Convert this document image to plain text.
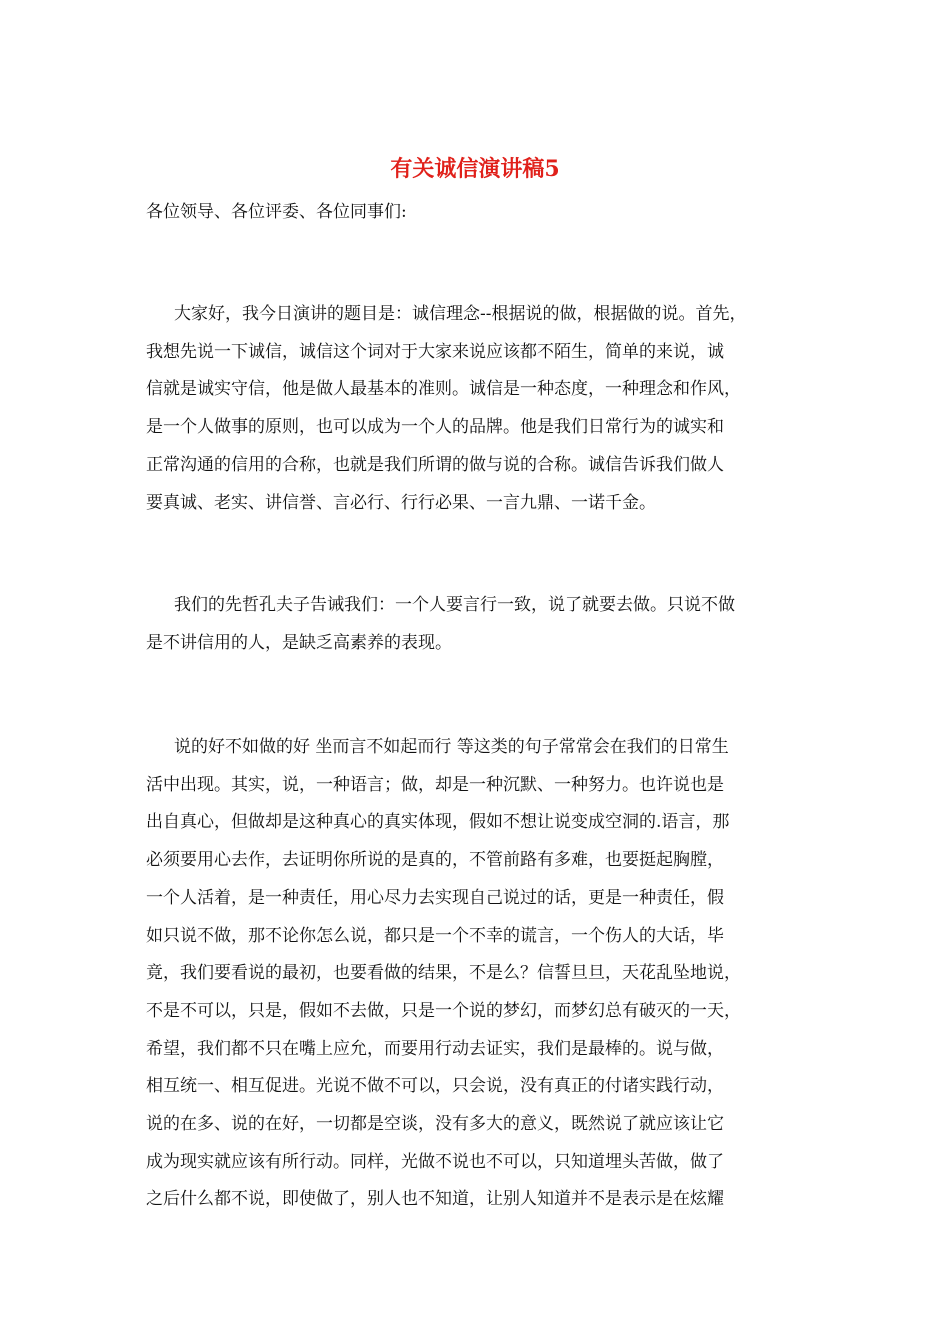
有关诚信演讲稿5

各位领导、各位评委、各位同事们:

大家好，我今日演讲的题目是：诚信理念--根据说的做，根据做的说。首先，
我想先说一下诚信，诚信这个词对于大家来说应该都不陌生，简单的来说，诚
信就是诚实守信，他是做人最基本的准则。诚信是一种态度，一种理念和作风，
是一个人做事的原则，也可以成为一个人的品牌。他是我们日常行为的诚实和
正常沟通的信用的合称，也就是我们所谓的做与说的合称。诚信告诉我们做人
要真诚、老实、讲信誉、言必行、行行必果、一言九鼎、一诺千金。

我们的先哲孔夫子告诫我们：一个人要言行一致，说了就要去做。只说不做
是不讲信用的人，是缺乏高素养的表现。

说的好不如做的好 坐而言不如起而行 等这类的句子常常会在我们的日常生
活中出现。其实，说，一种语言；做，却是一种沉默、一种努力。也许说也是
出自真心，但做却是这种真心的真实体现，假如不想让说变成空洞的.语言，那
必须要用心去作，去证明你所说的是真的，不管前路有多难，也要挺起胸膛，
一个人活着，是一种责任，用心尽力去实现自己说过的话，更是一种责任，假
如只说不做，那不论你怎么说，都只是一个不幸的谎言，一个伤人的大话，毕
竟，我们要看说的最初，也要看做的结果，不是么？信誓旦旦，天花乱坠地说，
不是不可以，只是，假如不去做，只是一个说的梦幻，而梦幻总有破灭的一天，
希望，我们都不只在嘴上应允，而要用行动去证实，我们是最棒的。说与做，
相互统一、相互促进。光说不做不可以，只会说，没有真正的付诸实践行动，
说的在多、说的在好，一切都是空谈，没有多大的意义，既然说了就应该让它
成为现实就应该有所行动。同样，光做不说也不可以，只知道埋头苦做，做了
之后什么都不说，即使做了，别人也不知道，让别人知道并不是表示是在炫耀
